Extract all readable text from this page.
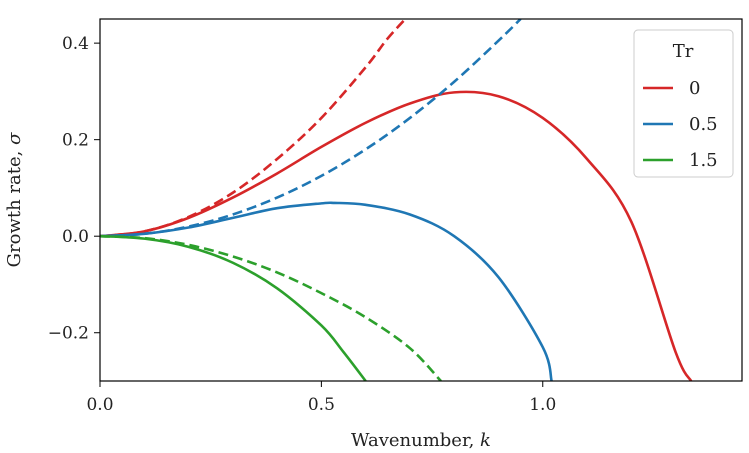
0.0	0.5	1.0
−0.2
0.0
0.2
0.4
Wavenumber, k
Growth rate, σ
Tr
0
0.5
1.5
